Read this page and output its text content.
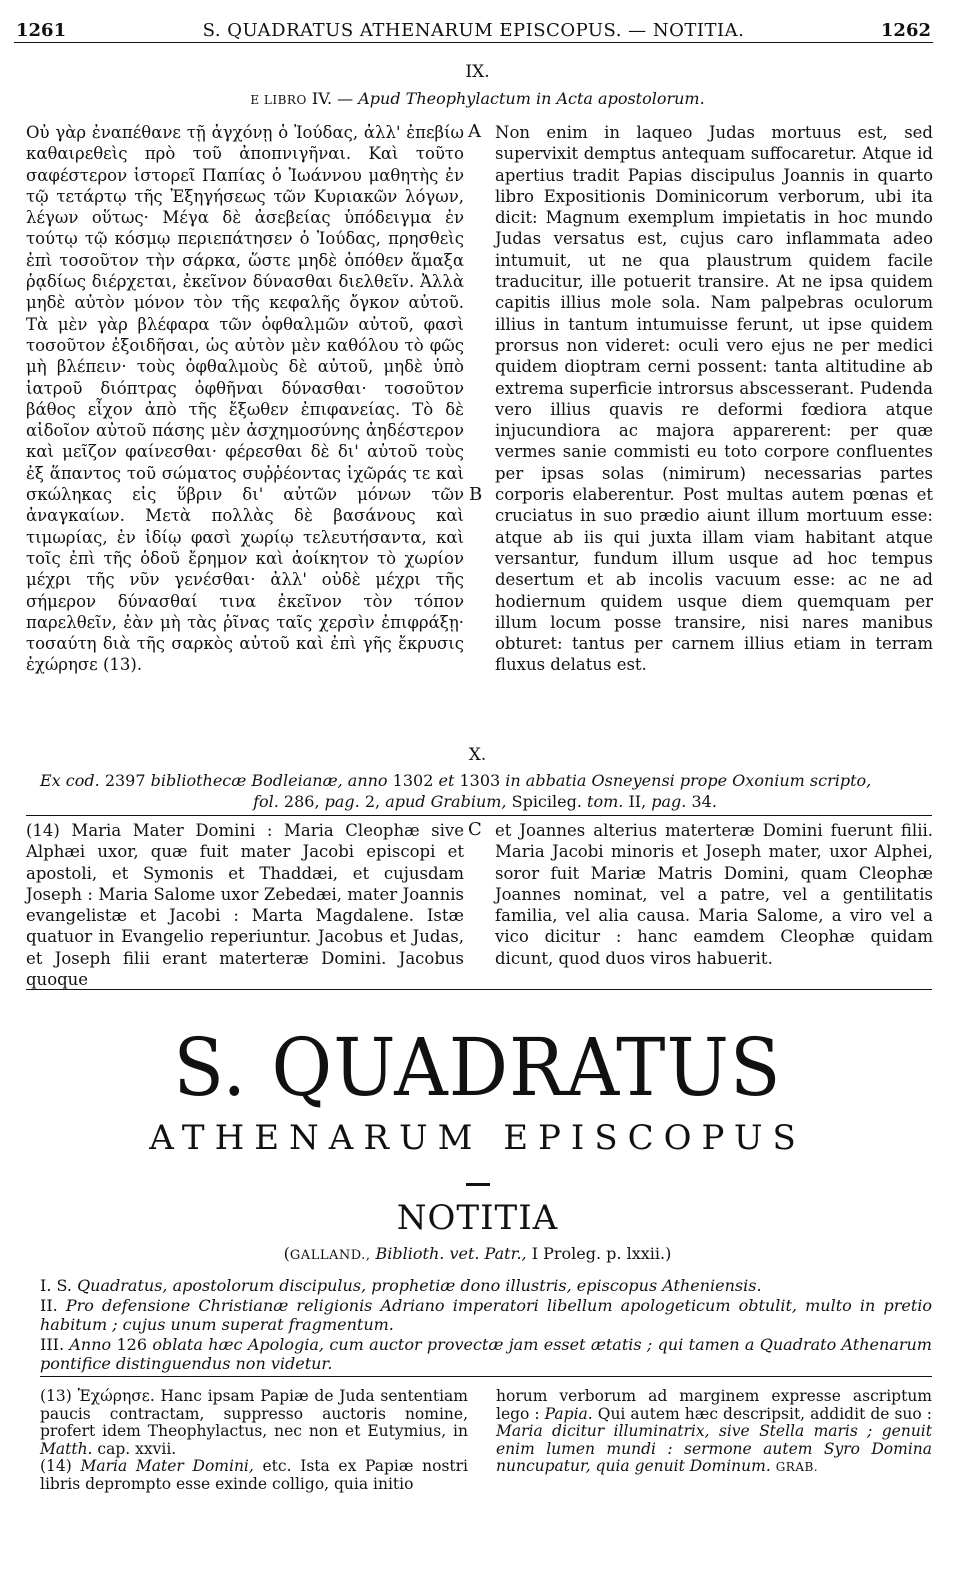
1261	S. QUADRATUS ATHENARUM EPISCOPUS. — NOTITIA.	1262
IX.
E LIBRO IV. — Apud Theophylactum in Acta apostolorum.

Οὐ γὰρ ἐναπέθανε τῇ ἀγχόνῃ ὁ Ἰούδας, ἀλλ' ἐπεβίω καθαιρεθεὶς πρὸ τοῦ ἀποπνιγῆναι. Καὶ τοῦτο σαφέστερον ἱστορεῖ Παπίας ὁ Ἰωάννου μαθητὴς ἐν τῷ τετάρτῳ τῆς Ἐξηγήσεως τῶν Κυριακῶν λόγων, λέγων οὕτως· Μέγα δὲ ἀσεβείας ὑπόδειγμα ἐν τούτῳ τῷ κόσμῳ περιεπάτησεν ὁ Ἰούδας, πρησθεὶς ἐπὶ τοσοῦτον τὴν σάρκα, ὥστε μηδὲ ὁπόθεν ἅμαξα ῥᾳδίως διέρχεται, ἐκεῖνον δύνασθαι διελθεῖν. Ἀλλὰ μηδὲ αὐτὸν μόνον τὸν τῆς κεφαλῆς ὄγκον αὐτοῦ. Τὰ μὲν γὰρ βλέφαρα τῶν ὀφθαλμῶν αὐτοῦ, φασὶ τοσοῦτον ἐξοιδῆσαι, ὡς αὐτὸν μὲν καθόλου τὸ φῶς μὴ βλέπειν· τοὺς ὀφθαλμοὺς δὲ αὐτοῦ, μηδὲ ὑπὸ ἰατροῦ διόπτρας ὀφθῆναι δύνασθαι· τοσοῦτον βάθος εἶχον ἀπὸ τῆς ἔξωθεν ἐπιφανείας. Τὸ δὲ αἰδοῖον αὐτοῦ πάσης μὲν ἀσχημοσύνης ἀηδέστερον καὶ μεῖζον φαίνεσθαι· φέρεσθαι δὲ δι' αὐτοῦ τοὺς ἐξ ἅπαντος τοῦ σώματος συῤῥέοντας ἰχῶράς τε καὶ σκώληκας εἰς ὕβριν δι' αὐτῶν μόνων τῶν ἀναγκαίων. Μετὰ πολλὰς δὲ βασάνους καὶ τιμωρίας, ἐν ἰδίῳ φασὶ χωρίῳ τελευτήσαντα, καὶ τοῖς ἐπὶ τῆς ὁδοῦ ἔρημον καὶ ἀοίκητον τὸ χωρίον μέχρι τῆς νῦν γενέσθαι· ἀλλ' οὐδὲ μέχρι τῆς σήμερον δύνασθαί τινα ἐκεῖνον τὸν τόπον παρελθεῖν, ἐὰν μὴ τὰς ῥῖνας ταῖς χερσὶν ἐπιφράξῃ· τοσαύτη διὰ τῆς σαρκὸς αὐτοῦ καὶ ἐπὶ γῆς ἔκρυσις ἐχώρησε (13).

A Non enim in laqueo Judas mortuus est, sed supervixit demptus antequam suffocaretur. Atque id apertius tradit Papias discipulus Joannis in quarto libro Expositionis Dominicorum verborum, ubi ita dicit: Magnum exemplum impietatis in hoc mundo Judas versatus est, cujus caro inflammata adeo intumuit, ut ne qua plaustrum quidem facile traducitur, ille potuerit transire. At ne ipsa quidem capitis illius mole sola. Nam palpebras oculorum illius in tantum intumuisse ferunt, ut ipse quidem prorsus non videret: oculi vero ejus ne per medici quidem dioptram cerni possent: tanta altitudine ab extrema superficie introrsus abscesserant. Pudenda vero illius quavis re deformi fœdiora atque injucundiora ac majora apparerent: per quæ vermes sanie commisti eu toto corpore confluentes per ipsas solas (nimirum) necessarias partes corporis elaberentur. Post multas autem pœnas et cruciatus in suo prædio aiunt illum mortuum esse: atque ab iis qui juxta illam viam habitant atque versantur, fundum illum usque ad hoc tempus desertum et ab incolis vacuum esse: ac ne ad hodiernum quidem usque diem quemquam per illum locum posse transire, nisi nares manibus obturet: tantus per carnem illius etiam in terram fluxus delatus est.

B
X.

Ex cod. 2397 bibliothecæ Bodleianæ, anno 1302 et 1303 in abbatia Osneyensi prope Oxonium scripto,
fol. 286, pag. 2, apud Grabium, Spicileg. tom. II, pag. 34.

(14) Maria Mater Domini : Maria Cleophæ sive Alphæi uxor, quæ fuit mater Jacobi episcopi et apostoli, et Symonis et Thaddæi, et cujusdam Joseph : Maria Salome uxor Zebedæi, mater Joannis evangelistæ et Jacobi : Marta Magdalene. Istæ quatuor in Evangelio reperiuntur. Jacobus et Judas, et Joseph filii erant materteræ Domini. Jacobus quoque

C et Joannes alterius materteræ Domini fuerunt filii. Maria Jacobi minoris et Joseph mater, uxor Alphei, soror fuit Mariæ Matris Domini, quam Cleophæ Joannes nominat, vel a patre, vel a gentilitatis familia, vel alia causa. Maria Salome, a viro vel a vico dicitur : hanc eamdem Cleophæ quidam dicunt, quod duos viros habuerit.

S. QUADRATUS
ATHENARUM EPISCOPUS
NOTITIA
(GALLAND., Biblioth. vet. Patr., I Proleg. p. lxxii.)

I. S. Quadratus, apostolorum discipulus, prophetiæ dono illustris, episcopus Atheniensis.

II. Pro defensione Christianæ religionis Adriano imperatori libellum apologeticum obtulit, multo in pretio habitum ; cujus unum superat fragmentum.

III. Anno 126 oblata hæc Apologia, cum auctor provectæ jam esset ætatis ; qui tamen a Quadrato Athenarum pontifice distinguendus non videtur.

(13) Ἐχώρησε. Hanc ipsam Papiæ de Juda sententiam paucis contractam, suppresso auctoris nomine, profert idem Theophylactus, nec non et Eutymius, in Matth. cap. xxvii.

(14) Maria Mater Domini, etc. Ista ex Papiæ nostri libris deprompto esse exinde colligo, quia initio

horum verborum ad marginem expresse ascriptum lego : Papia. Qui autem hæc descripsit, addidit de suo : Maria dicitur illuminatrix, sive Stella maris ; genuit enim lumen mundi : sermone autem Syro Domina nuncupatur, quia genuit Dominum. GRAB.
